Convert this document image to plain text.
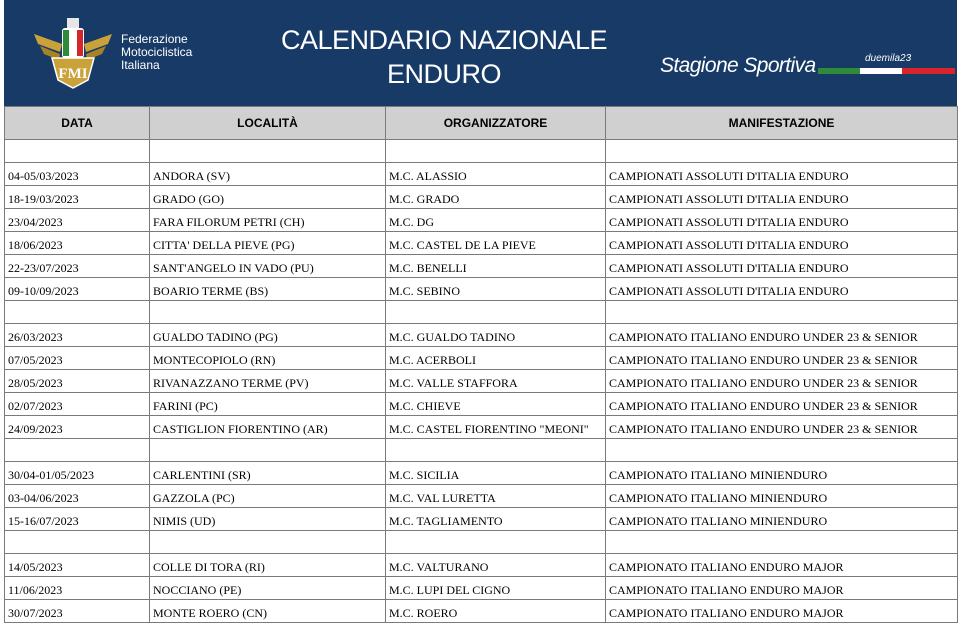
FMI
Federazione
Motociclistica
Italiana
CALENDARIO NAZIONALE
ENDURO	Stagione Sportiva	duemila23
DATA	LOCALITÀ	ORGANIZZATORE	MANIFESTAZIONE

04-05/03/2023	ANDORA (SV)	M.C. ALASSIO	CAMPIONATI ASSOLUTI D'ITALIA ENDURO
18-19/03/2023	GRADO (GO)	M.C. GRADO	CAMPIONATI ASSOLUTI D'ITALIA ENDURO
23/04/2023	FARA FILORUM PETRI (CH)	M.C. DG	CAMPIONATI ASSOLUTI D'ITALIA ENDURO
18/06/2023	CITTA' DELLA PIEVE (PG)	M.C. CASTEL DE LA PIEVE	CAMPIONATI ASSOLUTI D'ITALIA ENDURO
22-23/07/2023	SANT'ANGELO IN VADO (PU)	M.C. BENELLI	CAMPIONATI ASSOLUTI D'ITALIA ENDURO
09-10/09/2023	BOARIO TERME (BS)	M.C. SEBINO	CAMPIONATI ASSOLUTI D'ITALIA ENDURO

26/03/2023	GUALDO TADINO (PG)	M.C. GUALDO TADINO	CAMPIONATO ITALIANO ENDURO UNDER 23 & SENIOR
07/05/2023	MONTECOPIOLO (RN)	M.C. ACERBOLI	CAMPIONATO ITALIANO ENDURO UNDER 23 & SENIOR
28/05/2023	RIVANAZZANO TERME (PV)	M.C. VALLE STAFFORA	CAMPIONATO ITALIANO ENDURO UNDER 23 & SENIOR
02/07/2023	FARINI (PC)	M.C. CHIEVE	CAMPIONATO ITALIANO ENDURO UNDER 23 & SENIOR
24/09/2023	CASTIGLION FIORENTINO (AR)	M.C. CASTEL FIORENTINO "MEONI"	CAMPIONATO ITALIANO ENDURO UNDER 23 & SENIOR

30/04-01/05/2023	CARLENTINI (SR)	M.C. SICILIA	CAMPIONATO ITALIANO MINIENDURO
03-04/06/2023	GAZZOLA (PC)	M.C. VAL LURETTA	CAMPIONATO ITALIANO MINIENDURO
15-16/07/2023	NIMIS (UD)	M.C. TAGLIAMENTO	CAMPIONATO ITALIANO MINIENDURO

14/05/2023	COLLE DI TORA (RI)	M.C. VALTURANO	CAMPIONATO ITALIANO ENDURO MAJOR
11/06/2023	NOCCIANO (PE)	M.C. LUPI DEL CIGNO	CAMPIONATO ITALIANO ENDURO MAJOR
30/07/2023	MONTE ROERO (CN)	M.C. ROERO	CAMPIONATO ITALIANO ENDURO MAJOR
